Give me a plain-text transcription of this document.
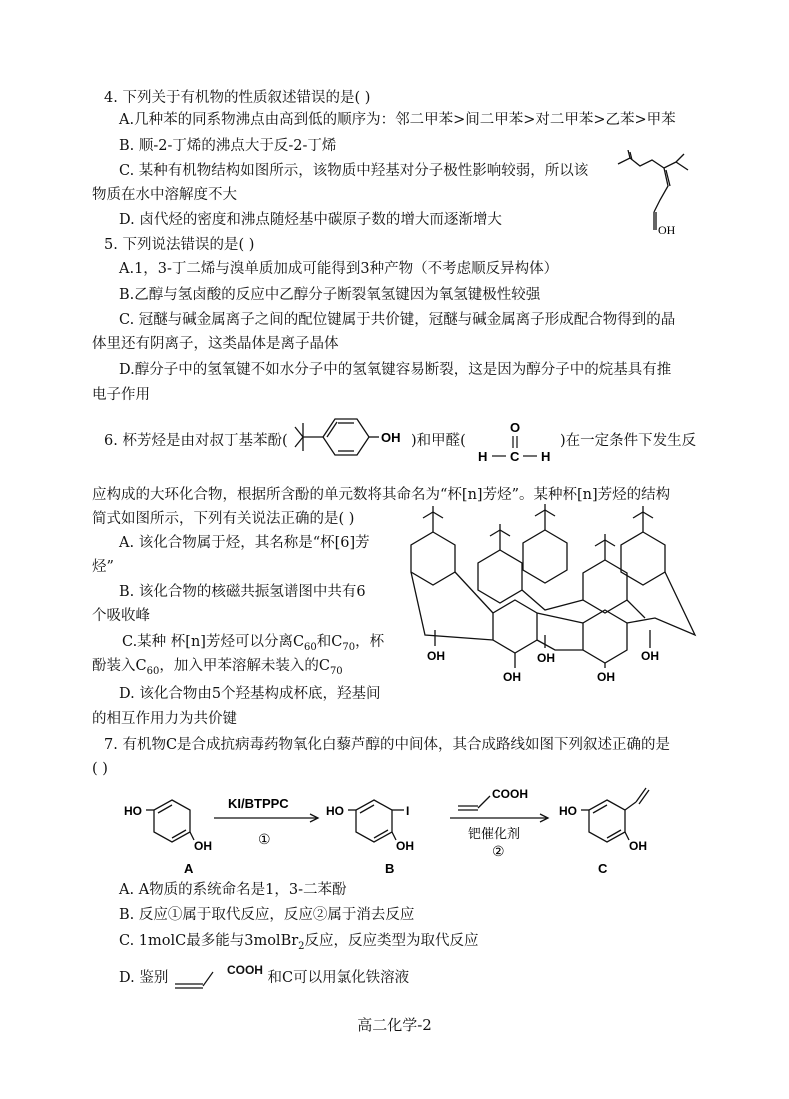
4. 下列关于有机物的性质叙述错误的是( )
A.几种苯的同系物沸点由高到低的顺序为：邻二甲苯>间二甲苯>对二甲苯>乙苯>甲苯
B. 顺-2-丁烯的沸点大于反-2-丁烯
C. 某种有机物结构如图所示，该物质中羟基对分子极性影响较弱，所以该
物质在水中溶解度不大
D. 卤代烃的密度和沸点随烃基中碳原子数的增大而逐渐增大
OH
5. 下列说法错误的是( )
A.1，3-丁二烯与溴单质加成可能得到3种产物（不考虑顺反异构体）
B.乙醇与氢卤酸的反应中乙醇分子断裂氧氢键因为氧氢键极性较强
C. 冠醚与碱金属离子之间的配位键属于共价键，冠醚与碱金属离子形成配合物得到的晶
体里还有阴离子，这类晶体是离子晶体
D.醇分子中的氢氧键不如水分子中的氢氧键容易断裂，这是因为醇分子中的烷基具有推
电子作用
6. 杯芳烃是由对叔丁基苯酚(	OH )和甲醛(
O
H C H
)在一定条件下发生反
应构成的大环化合物，根据所含酚的单元数将其命名为“杯[n]芳烃”。某种杯[n]芳烃的结构
简式如图所示，下列有关说法正确的是( )
A. 该化合物属于烃，其名称是“杯[6]芳
烃”
B. 该化合物的核磁共振氢谱图中共有6
个吸收峰
C.某种 杯[n]芳烃可以分离$C_{60}$和$C_{70}$，杯
酚装入$C_{60}$，加入甲苯溶解未装入的$C_{70}$
D. 该化合物由5个羟基构成杯底，羟基间
的相互作用力为共价键
OH
OH
OH
OH
OH
7. 有机物C是合成抗病毒药物氧化白藜芦醇的中间体，其合成路线如图下列叙述正确的是
( )
HO
OH
KI/BTPPC
①
HO	I
OH
COOH
钯催化剂
②
HO
OH
A	B	C
A. A物质的系统命名是1，3-二苯酚
B. 反应①属于取代反应，反应②属于消去反应
C. 1molC最多能与3molBr$_2$反应，反应类型为取代反应
D. 鉴别	$^{COOH}$ 和C可以用氯化铁溶液
高二化学-2
